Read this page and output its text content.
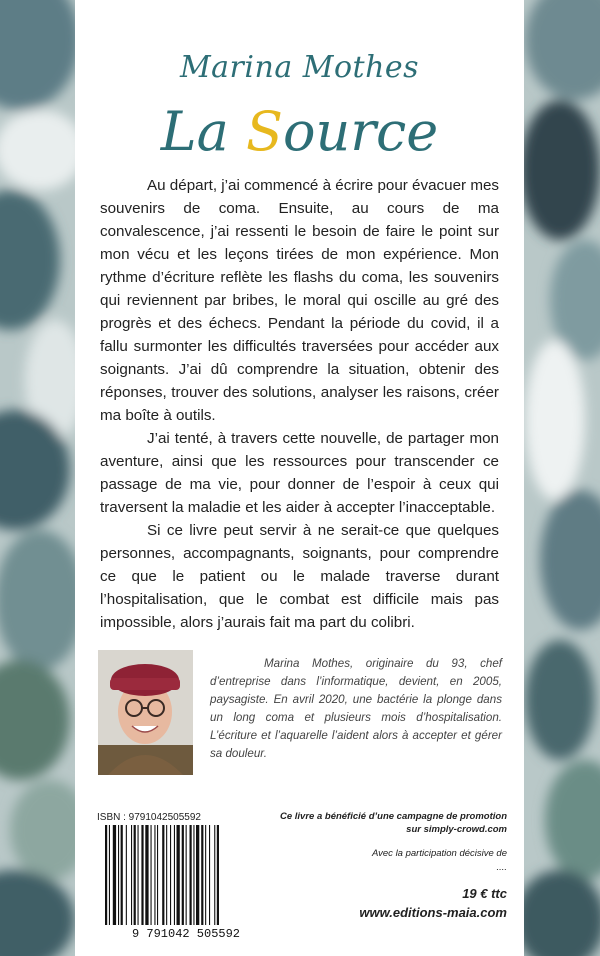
Marina Mothes
La Source

Au départ, j’ai commencé à écrire pour évacuer mes souvenirs de coma. Ensuite, au cours de ma convalescence, j’ai ressenti le besoin de faire le point sur mon vécu et les leçons tirées de mon expérience. Mon rythme d’écriture reflète les flashs du coma, les souvenirs qui reviennent par bribes, le moral qui oscille au gré des progrès et des échecs. Pendant la période du covid, il a fallu surmonter les difficultés traversées pour accéder aux soignants. J’ai dû comprendre la situation, obtenir des réponses, trouver des solutions, analyser les raisons, créer ma boîte à outils.

J’ai tenté, à travers cette nouvelle, de partager mon aventure, ainsi que les ressources pour transcender ce passage de ma vie, pour donner de l’espoir à ceux qui traversent la maladie et les aider à accepter l’inacceptable.

Si ce livre peut servir à ne serait-ce que quelques personnes, accompagnants, soignants, pour comprendre ce que le patient ou le malade traverse durant l’hospitalisation, que le combat est difficile mais pas impossible, alors j’aurais fait ma part du colibri.

Marina Mothes, originaire du 93, chef d’entreprise dans l’informatique, devient, en 2005, paysagiste. En avril 2020, une bactérie la plonge dans un long coma et plusieurs mois d’hospitalisation. L’écriture et l’aquarelle l’aident alors à accepter et gérer sa douleur.

ISBN : 9791042505592
9 791042 505592

Ce livre a bénéficié d’une campagne de promotion

sur simply-crowd.com

Avec la participation décisive de

....

19 € ttc

www.editions-maia.com
